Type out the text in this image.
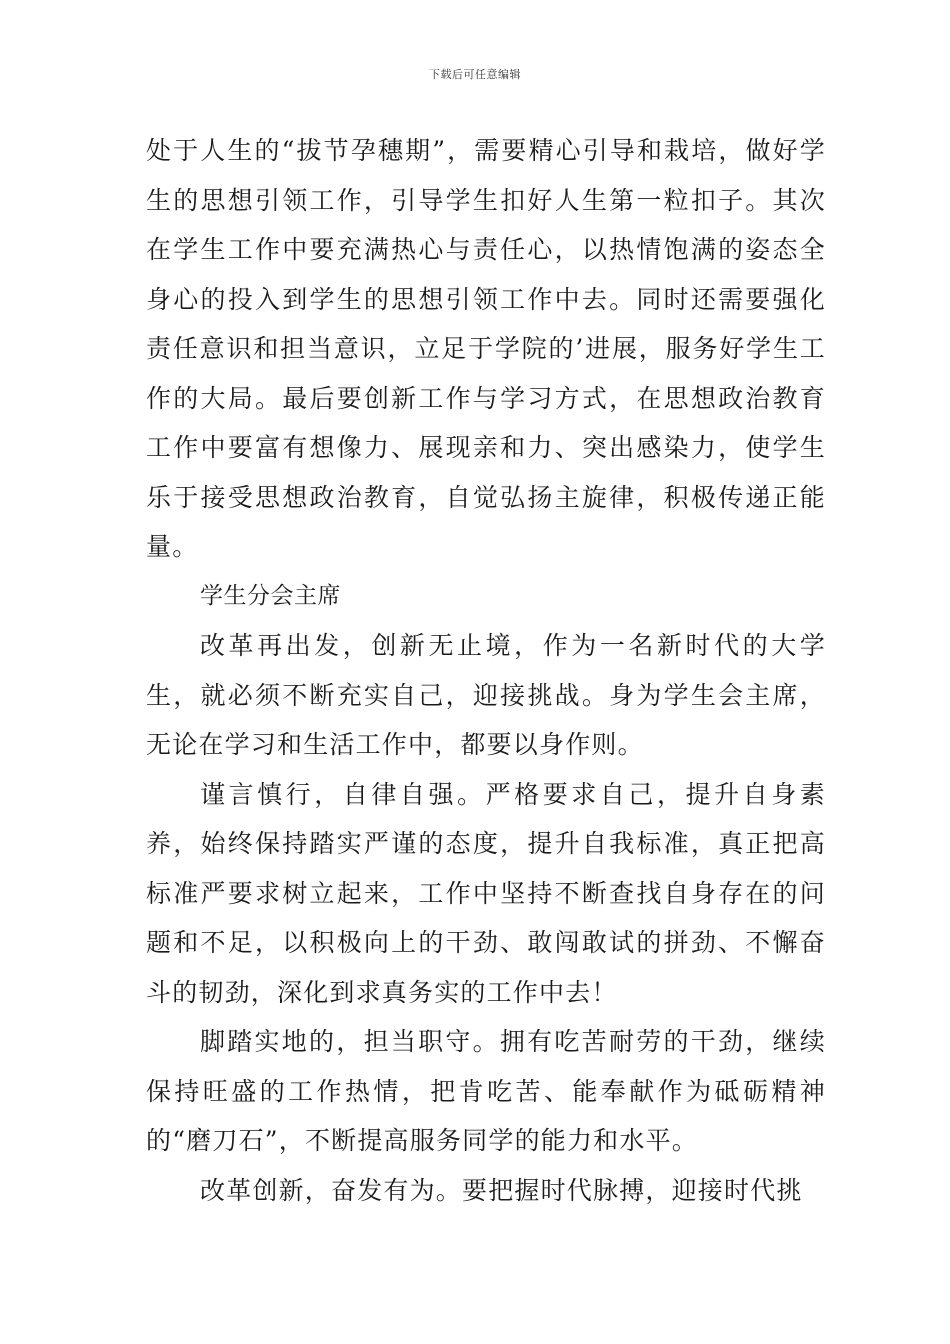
下载后可任意编辑

处于人生的“拔节孕穗期”，需要精心引导和栽培，做好学生的思想引领工作，引导学生扣好人生第一粒扣子。其次在学生工作中要充满热心与责任心，以热情饱满的姿态全身心的投入到学生的思想引领工作中去。同时还需要强化责任意识和担当意识，立足于学院的’进展，服务好学生工作的大局。最后要创新工作与学习方式，在思想政治教育工作中要富有想像力、展现亲和力、突出感染力，使学生乐于接受思想政治教育，自觉弘扬主旋律，积极传递正能量。

学生分会主席

改革再出发，创新无止境，作为一名新时代的大学生，就必须不断充实自己，迎接挑战。身为学生会主席，无论在学习和生活工作中，都要以身作则。

谨言慎行，自律自强。严格要求自己，提升自身素养，始终保持踏实严谨的态度，提升自我标准，真正把高标准严要求树立起来，工作中坚持不断查找自身存在的问题和不足，以积极向上的干劲、敢闯敢试的拼劲、不懈奋斗的韧劲，深化到求真务实的工作中去！

脚踏实地的，担当职守。拥有吃苦耐劳的干劲，继续保持旺盛的工作热情，把肯吃苦、能奉献作为砥砺精神的“磨刀石”，不断提高服务同学的能力和水平。

改革创新，奋发有为。要把握时代脉搏，迎接时代挑
